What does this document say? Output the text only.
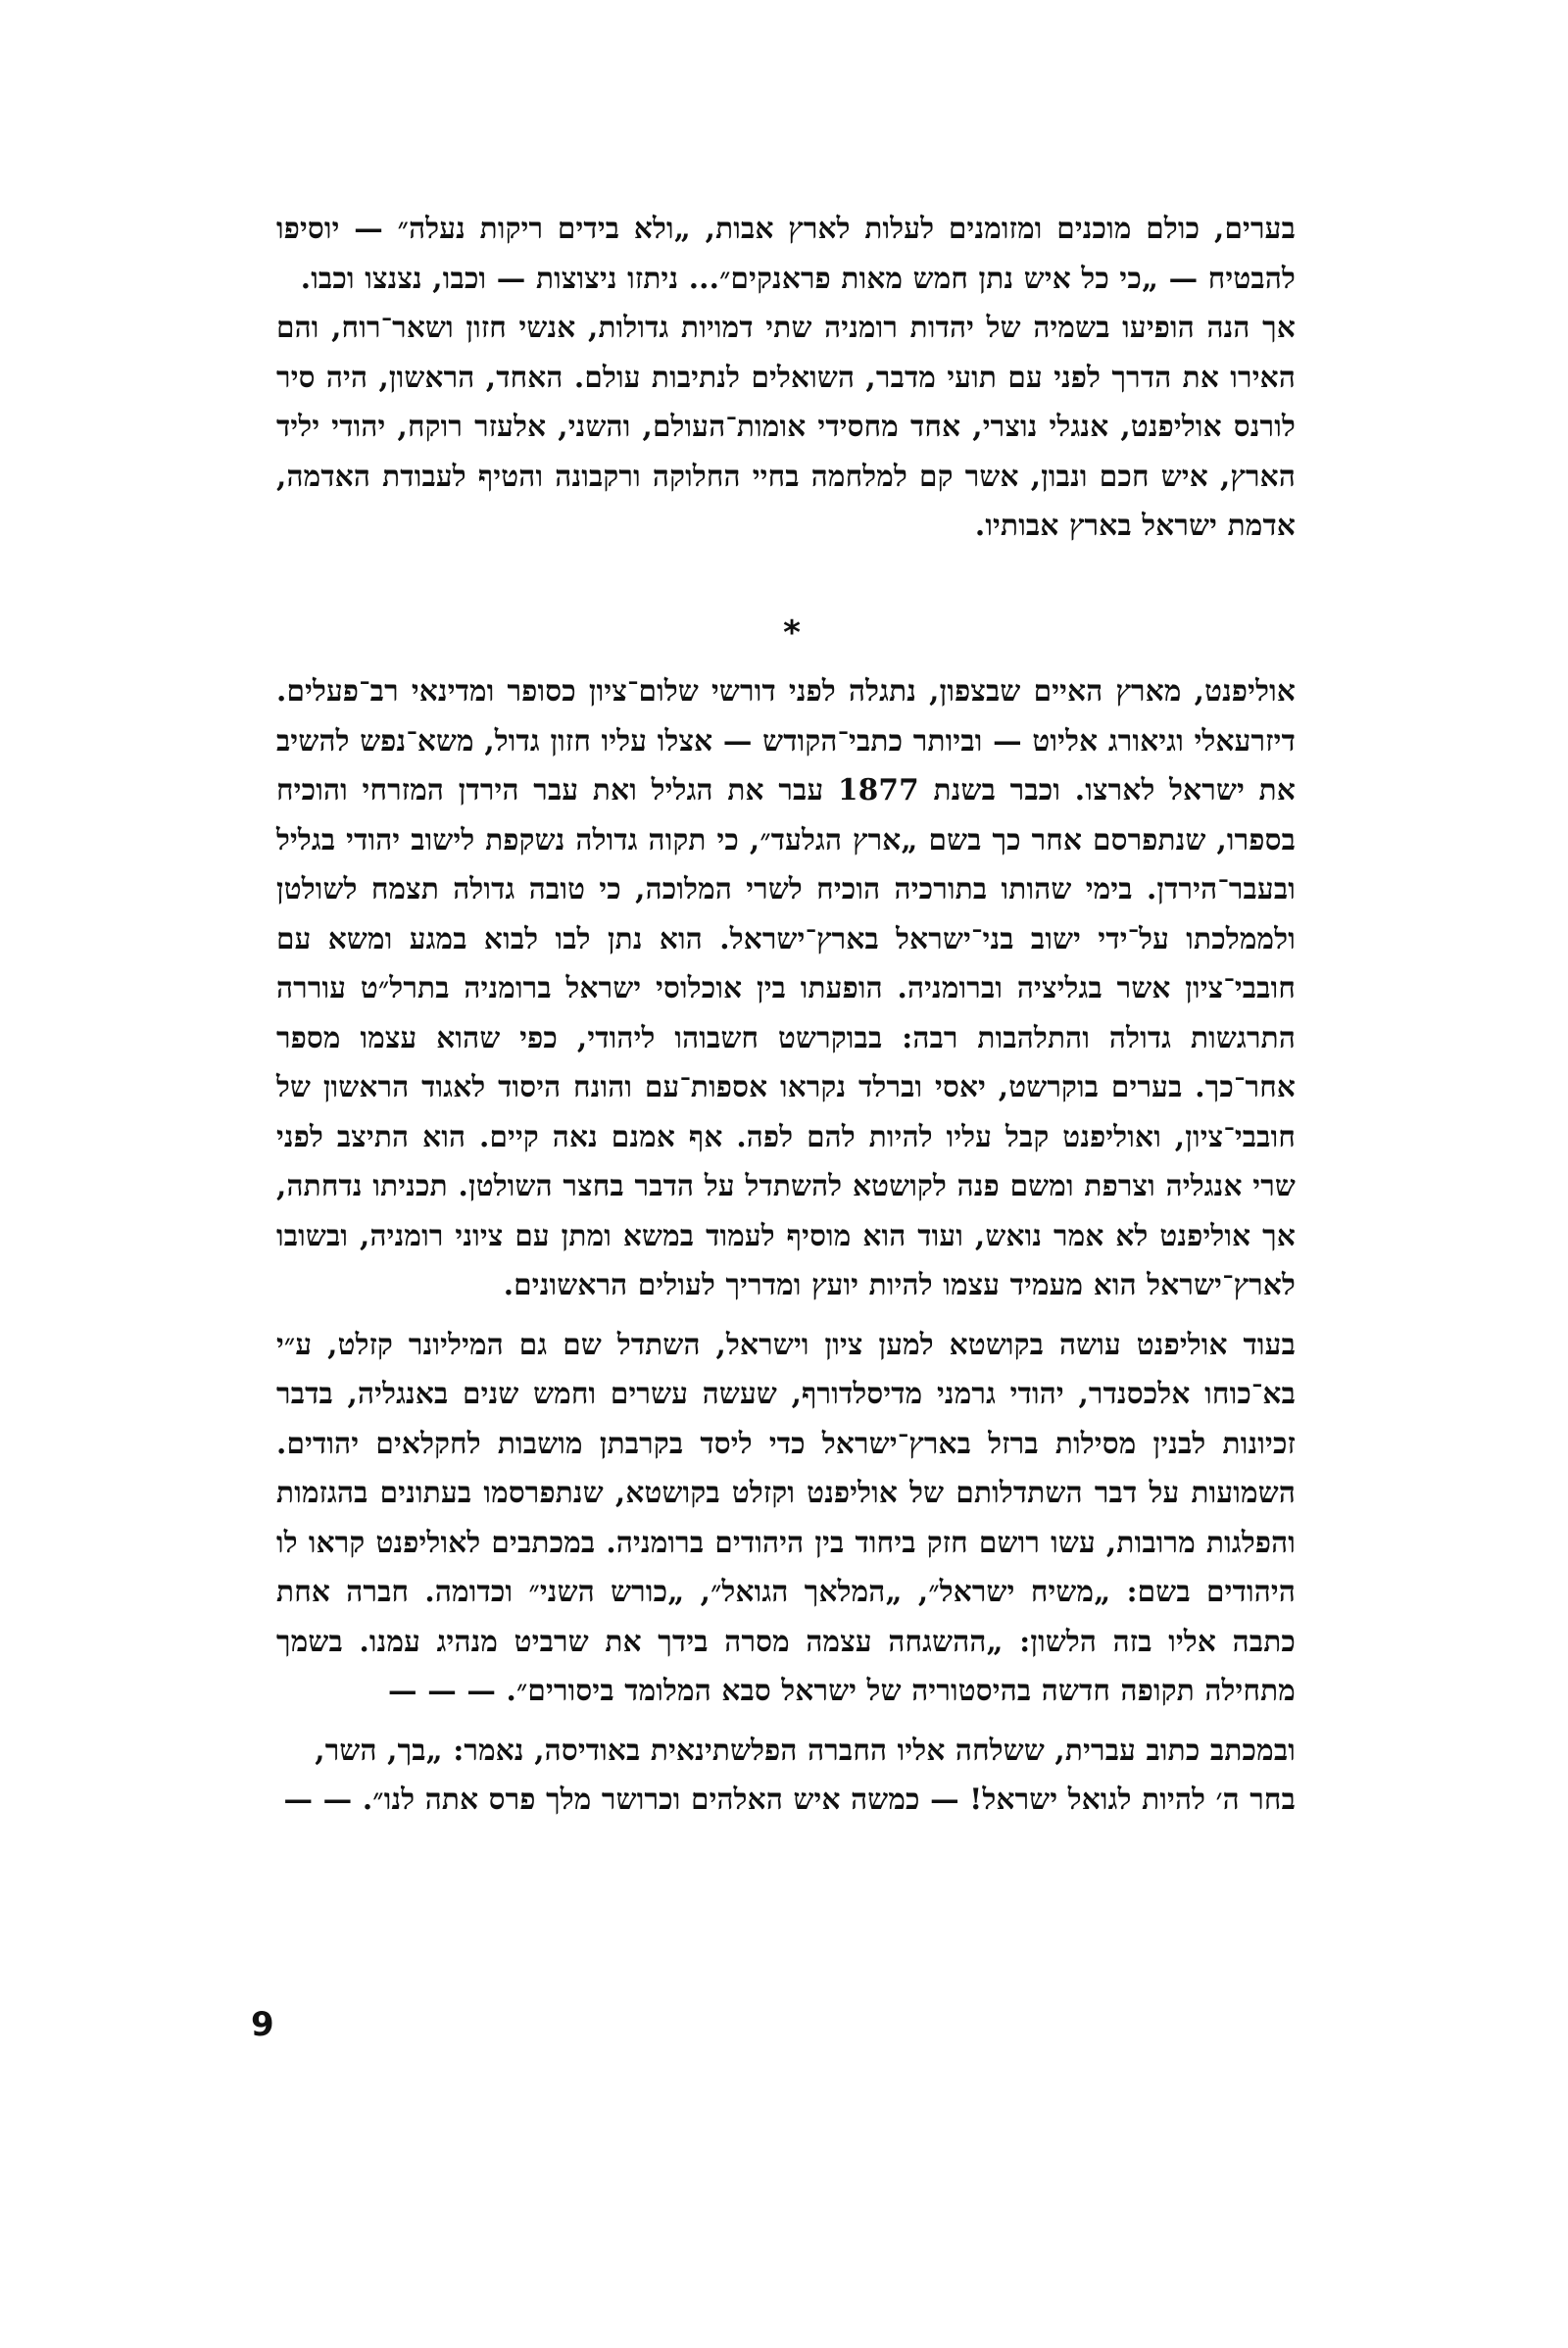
בערים, כולם מוכנים ומזומנים לעלות לארץ אבות, „ולא בידים ריקות נעלה״ — יוסיפו להבטיח — „כי כל איש נתן חמש מאות פראנקים״... ניתזו ניצוצות — וכבו, נצנצו וכבו.

אך הנה הופיעו בשמיה של יהדות רומניה שתי דמויות גדולות, אנשי חזון ושאר־רוח, והם האירו את הדרך לפני עם תועי מדבר, השואלים לנתיבות עולם. האחד, הראשון, היה סיר לורנס אוליפנט, אנגלי נוצרי, אחד מחסידי אומות־העולם, והשני, אלעזר רוקח, יהודי יליד הארץ, איש חכם ונבון, אשר קם למלחמה בחיי החלוקה ורקבונה והטיף לעבודת האדמה, אדמת ישראל בארץ אבותיו.

*

אוליפנט, מארץ האיים שבצפון, נתגלה לפני דורשי שלום־ציון כסופר ומדינאי רב־פעלים. דיזרעאלי וגיאורג אליוט — וביותר כתבי־הקודש — אצלו עליו חזון גדול, משא־נפש להשיב את ישראל לארצו. וכבר בשנת 1877 עבר את הגליל ואת עבר הירדן המזרחי והוכיח בספרו, שנתפרסם אחר כך בשם „ארץ הגלעד״, כי תקוה גדולה נשקפת לישוב יהודי בגליל ובעבר־הירדן. בימי שהותו בתורכיה הוכיח לשרי המלוכה, כי טובה גדולה תצמח לשולטן ולממלכתו על־ידי ישוב בני־ישראל בארץ־ישראל. הוא נתן לבו לבוא במגע ומשא עם חובבי־ציון אשר בגליציה וברומניה. הופעתו בין אוכלוסי ישראל ברומניה בתרל״ט עוררה התרגשות גדולה והתלהבות רבה: בבוקרשט חשבוהו ליהודי, כפי שהוא עצמו מספר אחר־כך. בערים בוקרשט, יאסי וברלד נקראו אספות־עם והונח היסוד לאגוד הראשון של חובבי־ציון, ואוליפנט קבל עליו להיות להם לפה. אף אמנם נאה קיים. הוא התיצב לפני שרי אנגליה וצרפת ומשם פנה לקושטא להשתדל על הדבר בחצר השולטן. תכניתו נדחתה, אך אוליפנט לא אמר נואש, ועוד הוא מוסיף לעמוד במשא ומתן עם ציוני רומניה, ובשובו לארץ־ישראל הוא מעמיד עצמו להיות יועץ ומדריך לעולים הראשונים.

בעוד אוליפנט עושה בקושטא למען ציון וישראל, השתדל שם גם המיליונר קזלט, ע״י בא־כוחו אלכסנדר, יהודי גרמני מדיסלדורף, שעשה עשרים וחמש שנים באנגליה, בדבר זכיונות לבנין מסילות ברזל בארץ־ישראל כדי ליסד בקרבתן מושבות לחקלאים יהודים. השמועות על דבר השתדלותם של אוליפנט וקזלט בקושטא, שנתפרסמו בעתונים בהגזמות והפלגות מרובות, עשו רושם חזק ביחוד בין היהודים ברומניה. במכתבים לאוליפנט קראו לו היהודים בשם: „משיח ישראל״, „המלאך הגואל״, „כורש השני״ וכדומה. חברה אחת כתבה אליו בזה הלשון: „ההשגחה עצמה מסרה בידך את שרביט מנהיג עמנו. בשמך מתחילה תקופה חדשה בהיסטוריה של ישראל סבא המלומד ביסורים״. — — —

ובמכתב כתוב עברית, ששלחה אליו החברה הפלשתינאית באודיסה, נאמר: „בך, השר, בחר ה׳ להיות לגואל ישראל! — כמשה איש האלהים וכרושר מלך פרס אתה לנו״. — —

9
